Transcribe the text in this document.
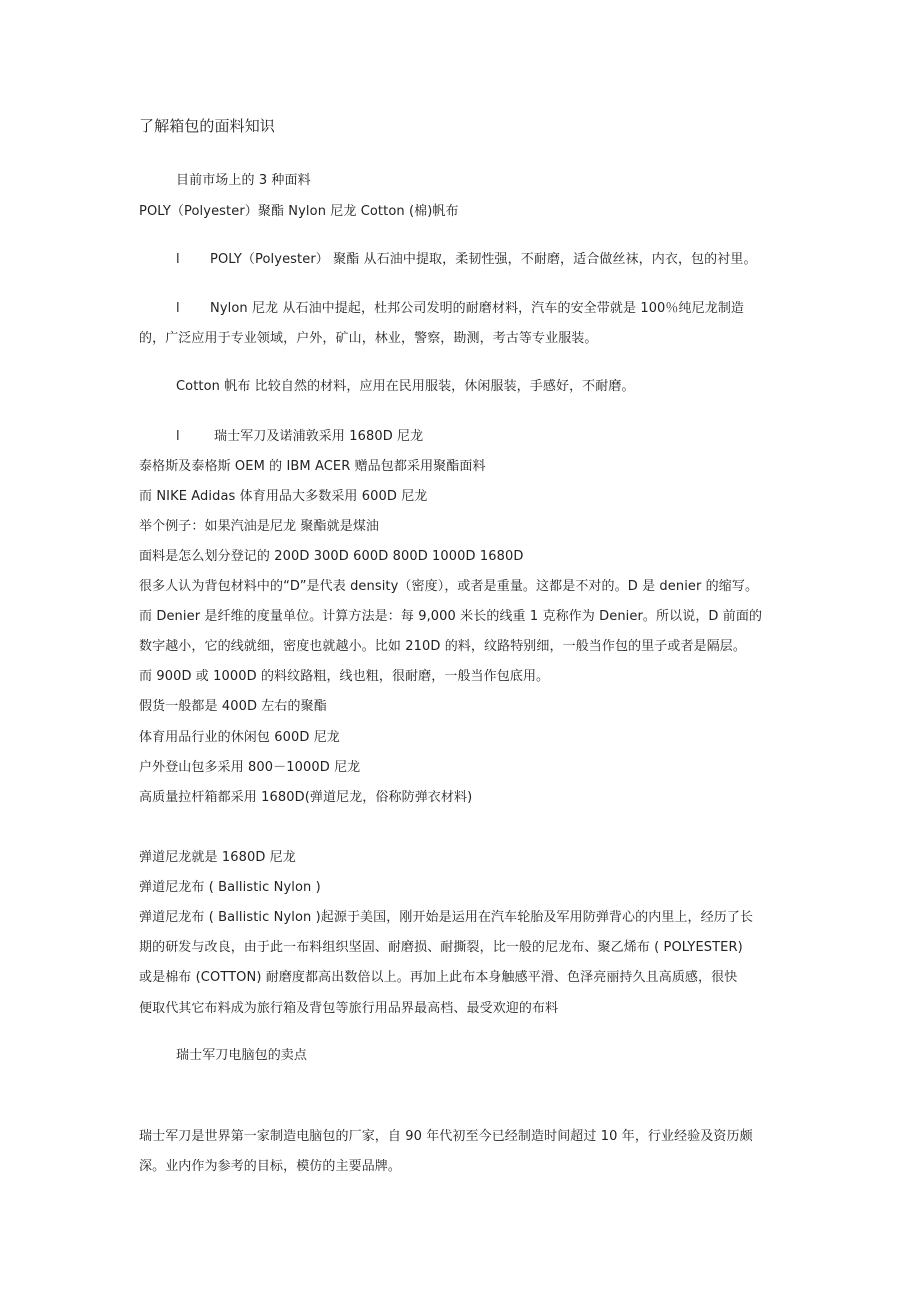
了解箱包的面料知识
目前市场上的 3 种面料
POLY（Polyester）聚酯 Nylon 尼龙 Cotton (棉)帆布
l POLY（Polyester） 聚酯 从石油中提取，柔韧性强，不耐磨，适合做丝袜，内衣，包的衬里。
l Nylon 尼龙 从石油中提起，杜邦公司发明的耐磨材料，汽车的安全带就是 100％纯尼龙制造
的，广泛应用于专业领域，户外，矿山，林业，警察，勘测，考古等专业服装。
Cotton 帆布 比较自然的材料，应用在民用服装，休闲服装，手感好，不耐磨。
l	瑞士军刀及诺浦敦采用 1680D 尼龙
泰格斯及泰格斯 OEM 的 IBM ACER 赠品包都采用聚酯面料
而 NIKE Adidas 体育用品大多数采用 600D 尼龙
举个例子：如果汽油是尼龙 聚酯就是煤油
面料是怎么划分登记的 200D 300D 600D 800D 1000D 1680D
很多人认为背包材料中的“D”是代表 density（密度），或者是重量。这都是不对的。D 是 denier 的缩写。
而 Denier 是纤维的度量单位。计算方法是：每 9,000 米长的线重 1 克称作为 Denier。所以说，D 前面的
数字越小，它的线就细，密度也就越小。比如 210D 的料，纹路特别细，一般当作包的里子或者是隔层。
而 900D 或 1000D 的料纹路粗，线也粗，很耐磨，一般当作包底用。
假货一般都是 400D 左右的聚酯
体育用品行业的休闲包 600D 尼龙
户外登山包多采用 800－1000D 尼龙
高质量拉杆箱都采用 1680D(弹道尼龙，俗称防弹衣材料)
弹道尼龙就是 1680D 尼龙
弹道尼龙布 ( Ballistic Nylon )
弹道尼龙布 ( Ballistic Nylon )起源于美国，刚开始是运用在汽车轮胎及军用防弹背心的内里上，经历了长
期的研发与改良，由于此一布料组织坚固、耐磨损、耐撕裂，比一般的尼龙布、聚乙烯布 ( POLYESTER)
或是棉布 (COTTON) 耐磨度都高出数倍以上。再加上此布本身触感平滑、色泽亮丽持久且高质感，很快
便取代其它布料成为旅行箱及背包等旅行用品界最高档、最受欢迎的布料
瑞士军刀电脑包的卖点
瑞士军刀是世界第一家制造电脑包的厂家，自 90 年代初至今已经制造时间超过 10 年，行业经验及资历颇
深。业内作为参考的目标，模仿的主要品牌。
